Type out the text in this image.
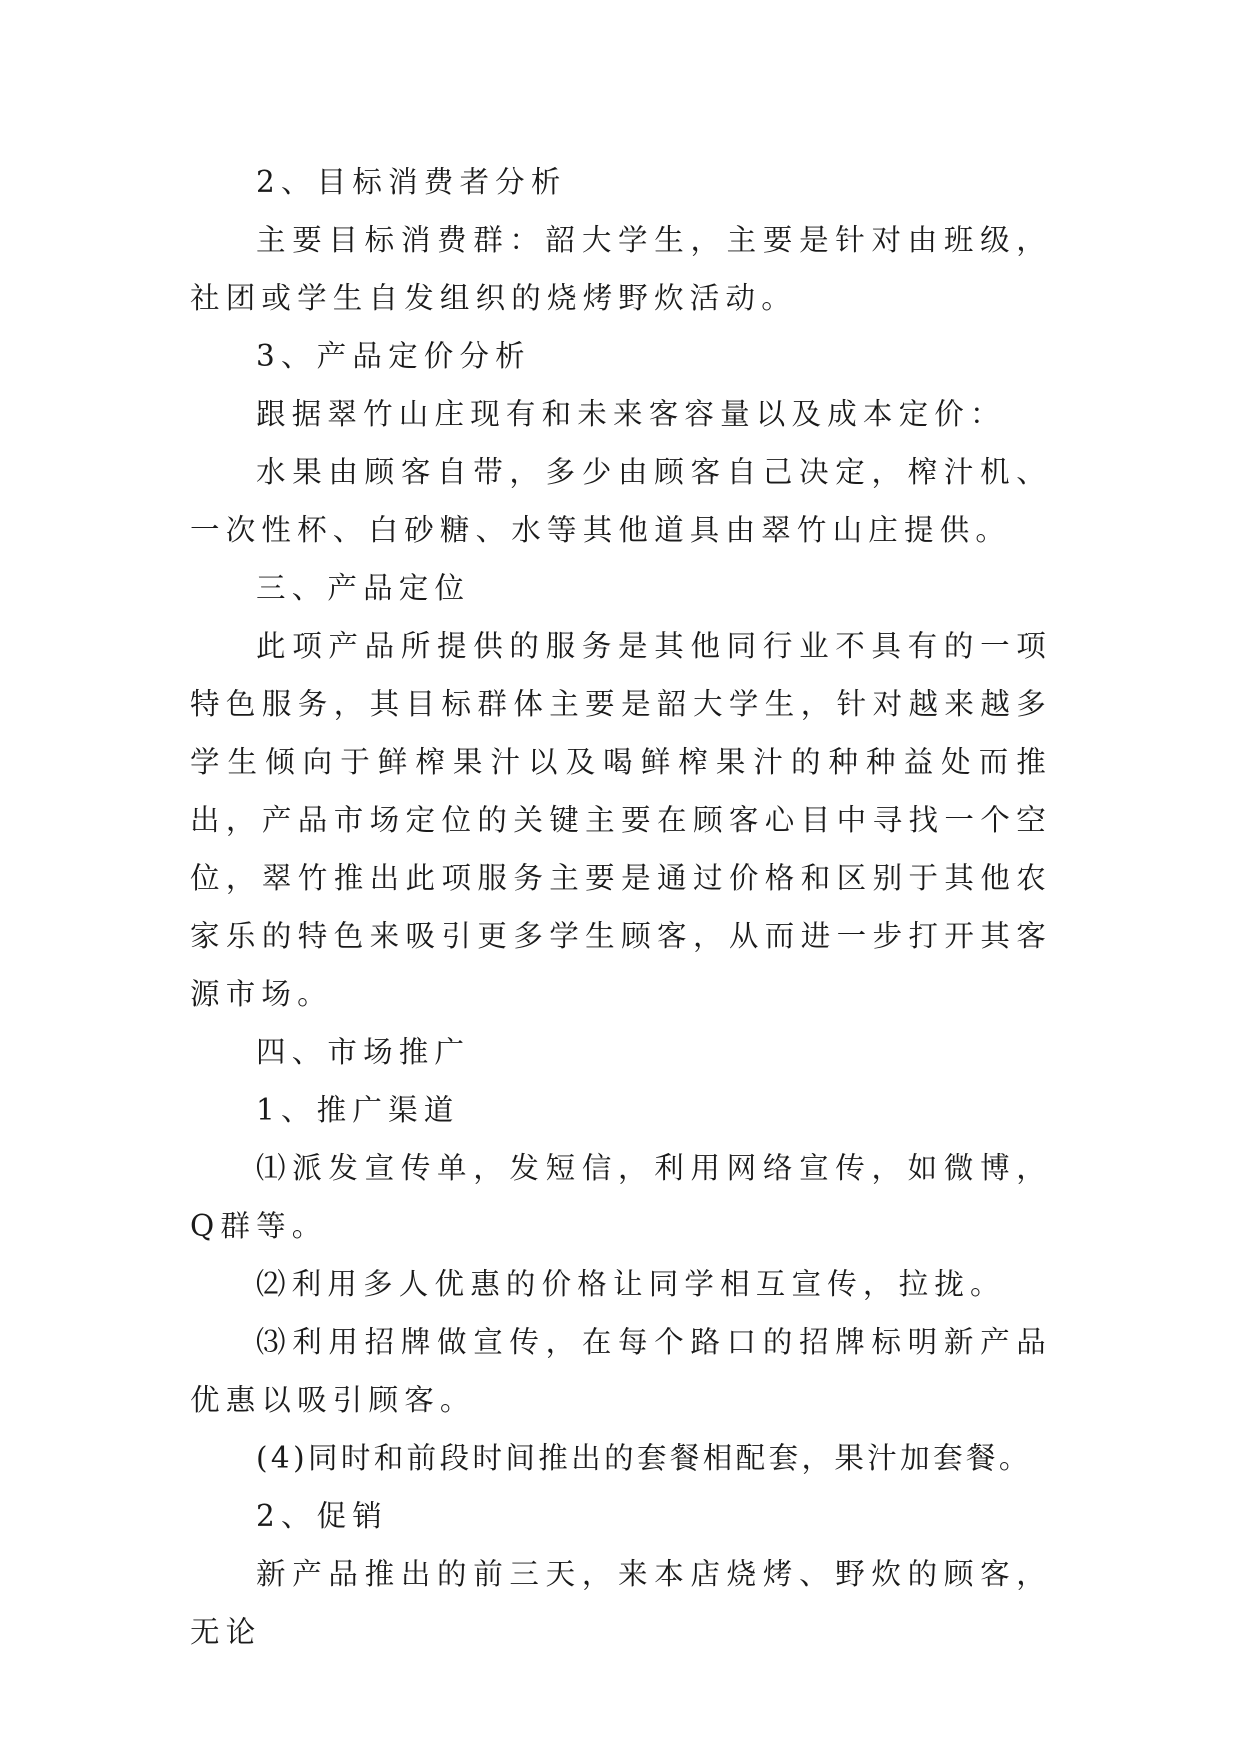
2、目标消费者分析

主要目标消费群：韶大学生，主要是针对由班级，社团或学生自发组织的烧烤野炊活动。

3、产品定价分析

跟据翠竹山庄现有和未来客容量以及成本定价：

水果由顾客自带，多少由顾客自己决定，榨汁机、一次性杯、白砂糖、水等其他道具由翠竹山庄提供。

三、产品定位

此项产品所提供的服务是其他同行业不具有的一项特色服务，其目标群体主要是韶大学生，针对越来越多学生倾向于鲜榨果汁以及喝鲜榨果汁的种种益处而推出，产品市场定位的关键主要在顾客心目中寻找一个空位，翠竹推出此项服务主要是通过价格和区别于其他农家乐的特色来吸引更多学生顾客，从而进一步打开其客源市场。

四、市场推广

1、推广渠道

⑴派发宣传单，发短信，利用网络宣传，如微博，Q群等。

⑵利用多人优惠的价格让同学相互宣传，拉拢。

⑶利用招牌做宣传，在每个路口的招牌标明新产品优惠以吸引顾客。

(4)同时和前段时间推出的套餐相配套，果汁加套餐。

2、促销

新产品推出的前三天，来本店烧烤、野炊的顾客，无论
